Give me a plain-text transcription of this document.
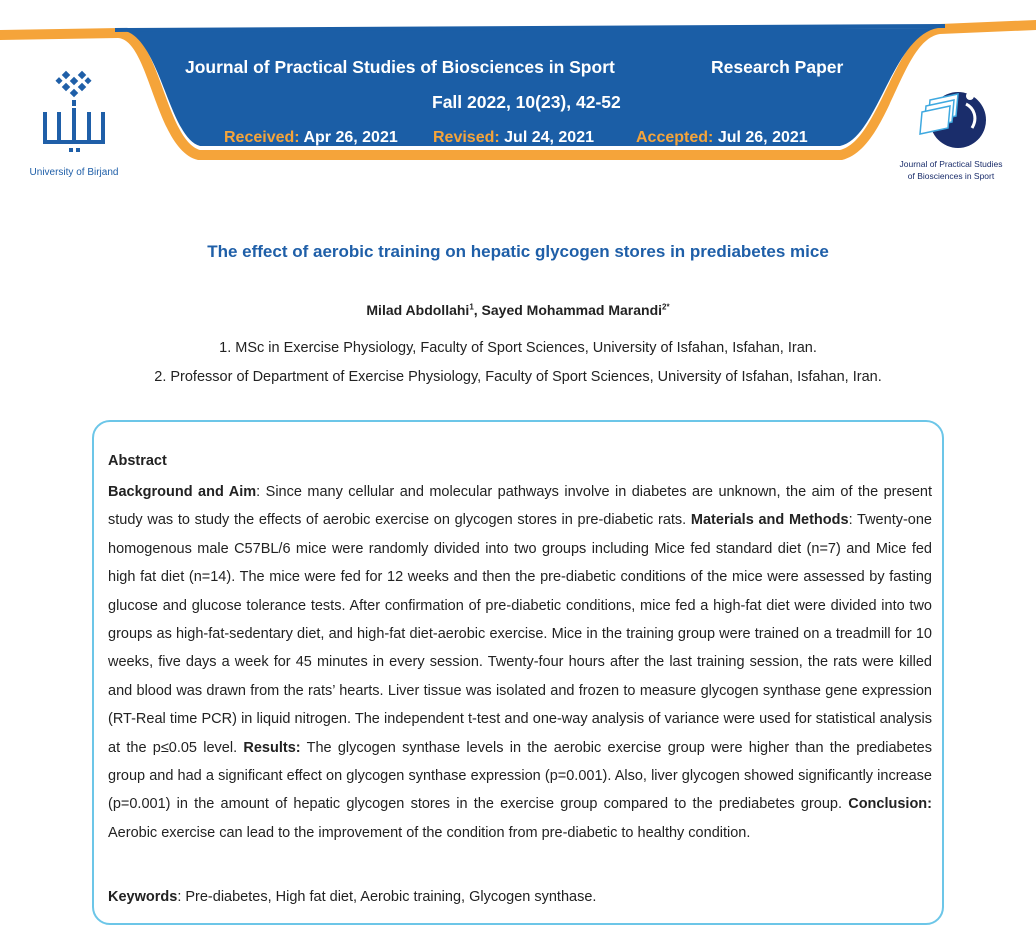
Journal of Practical Studies of Biosciences in Sport	Research Paper
Fall 2022, 10(23), 42-52
Received: Apr 26, 2021 Revised: Jul 24, 2021	Accepted: Jul 26, 2021
University of Birjand
Journal of Practical Studies
of Biosciences in Sport
The effect of aerobic training on hepatic glycogen stores in prediabetes mice
Milad Abdollahi$^1$, Sayed Mohammad Marandi$^{2*}$
1. MSc in Exercise Physiology, Faculty of Sport Sciences, University of Isfahan, Isfahan, Iran.
2. Professor of Department of Exercise Physiology, Faculty of Sport Sciences, University of Isfahan, Isfahan, Iran.
Abstract
Background and Aim: Since many cellular and molecular pathways involve in diabetes are unknown, the aim of the present study was to study the effects of aerobic exercise on glycogen stores in pre-diabetic rats. Materials and Methods: Twenty-one homogenous male C57BL/6 mice were randomly divided into two groups including Mice fed standard diet (n=7) and Mice fed high fat diet (n=14). The mice were fed for 12 weeks and then the pre-diabetic conditions of the mice were assessed by fasting glucose and glucose tolerance tests. After confirmation of pre-diabetic conditions, mice fed a high-fat diet were divided into two groups as high-fat-sedentary diet, and high-fat diet-aerobic exercise. Mice in the training group were trained on a treadmill for 10 weeks, five days a week for 45 minutes in every session. Twenty-four hours after the last training session, the rats were killed and blood was drawn from the rats’ hearts. Liver tissue was isolated and frozen to measure glycogen synthase gene expression (RT-Real time PCR) in liquid nitrogen. The independent t-test and one-way analysis of variance were used for statistical analysis at the p≤0.05 level. Results: The glycogen synthase levels in the aerobic exercise group were higher than the prediabetes group and had a significant effect on glycogen synthase expression (p=0.001). Also, liver glycogen showed significantly increase (p=0.001) in the amount of hepatic glycogen stores in the exercise group compared to the prediabetes group. Conclusion: Aerobic exercise can lead to the improvement of the condition from pre-diabetic to healthy condition.
Keywords: Pre-diabetes, High fat diet, Aerobic training, Glycogen synthase.
